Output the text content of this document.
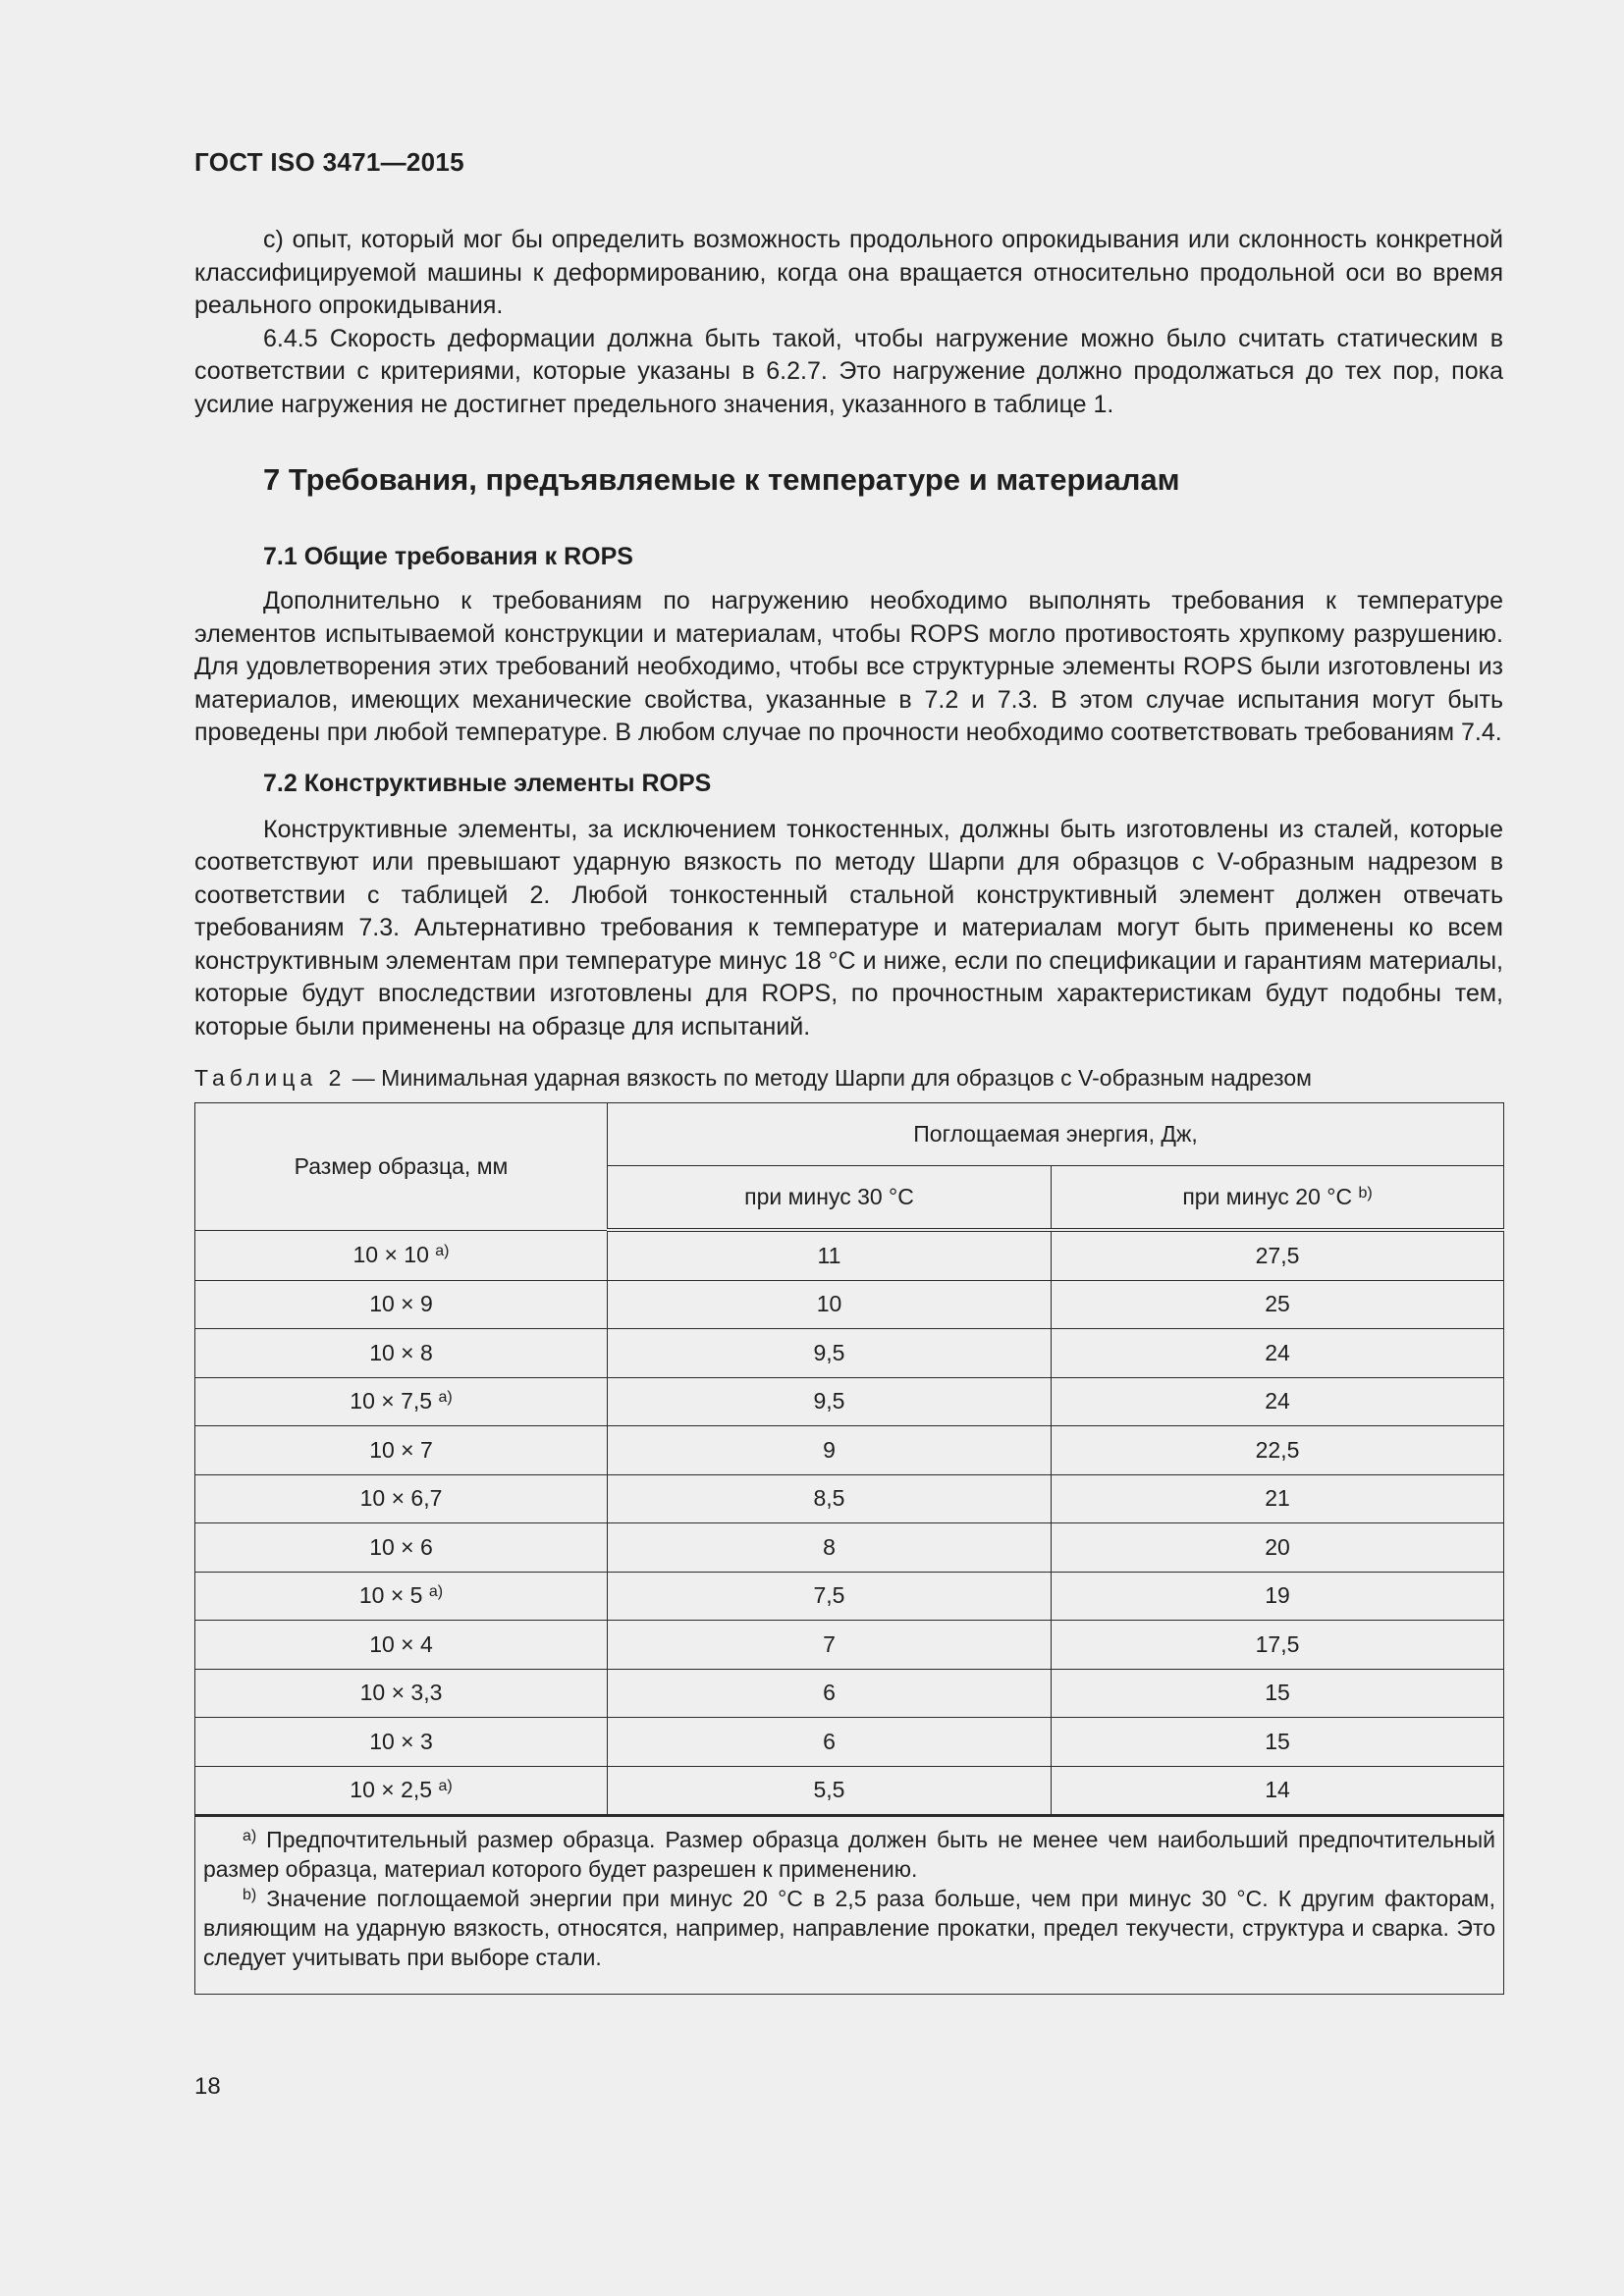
ГОСТ ISO 3471—2015

c) опыт, который мог бы определить возможность продольного опрокидывания или склонность конкретной классифицируемой машины к деформированию, когда она вращается относительно продольной оси во время реального опрокидывания.

6.4.5 Скорость деформации должна быть такой, чтобы нагружение можно было считать статическим в соответствии с критериями, которые указаны в 6.2.7. Это нагружение должно продолжаться до тех пор, пока усилие нагружения не достигнет предельного значения, указанного в таблице 1.

7 Требования, предъявляемые к температуре и материалам
7.1 Общие требования к ROPS

Дополнительно к требованиям по нагружению необходимо выполнять требования к температуре элементов испытываемой конструкции и материалам, чтобы ROPS могло противостоять хрупкому разрушению. Для удовлетворения этих требований необходимо, чтобы все структурные элементы ROPS были изготовлены из материалов, имеющих механические свойства, указанные в 7.2 и 7.3. В этом случае испытания могут быть проведены при любой температуре. В любом случае по прочности необходимо соответствовать требованиям 7.4.

7.2 Конструктивные элементы ROPS

Конструктивные элементы, за исключением тонкостенных, должны быть изготовлены из сталей, которые соответствуют или превышают ударную вязкость по методу Шарпи для образцов с V-образным надрезом в соответствии с таблицей 2. Любой тонкостенный стальной конструктивный элемент должен отвечать требованиям 7.3. Альтернативно требования к температуре и материалам могут быть применены ко всем конструктивным элементам при температуре минус 18 °C и ниже, если по спецификации и гарантиям материалы, которые будут впоследствии изготовлены для ROPS, по прочностным характеристикам будут подобны тем, которые были применены на образце для испытаний.

Таблица 2 — Минимальная ударная вязкость по методу Шарпи для образцов с V-образным надрезом
Размер образца, мм	Поглощаемая энергия, Дж,	
	при минус 30 °C	при минус 20 °C $^{b)}$
10 × 10 $^{a)}$	11	27,5
10 × 9	10	25
10 × 8	9,5	24
10 × 7,5 $^{a)}$	9,5	24
10 × 7	9	22,5
10 × 6,7	8,5	21
10 × 6	8	20
10 × 5 $^{a)}$	7,5	19
10 × 4	7	17,5
10 × 3,3	6	15
10 × 3	6	15
10 × 2,5 $^{a)}$	5,5	14

$^{a)}$ Предпочтительный размер образца. Размер образца должен быть не менее чем наибольший предпочтительный размер образца, материал которого будет разрешен к применению.
$^{b)}$ Значение поглощаемой энергии при минус 20 °C в 2,5 раза больше, чем при минус 30 °C. К другим факторам, влияющим на ударную вязкость, относятся, например, направление прокатки, предел текучести, структура и сварка. Это следует учитывать при выборе стали.		
18
